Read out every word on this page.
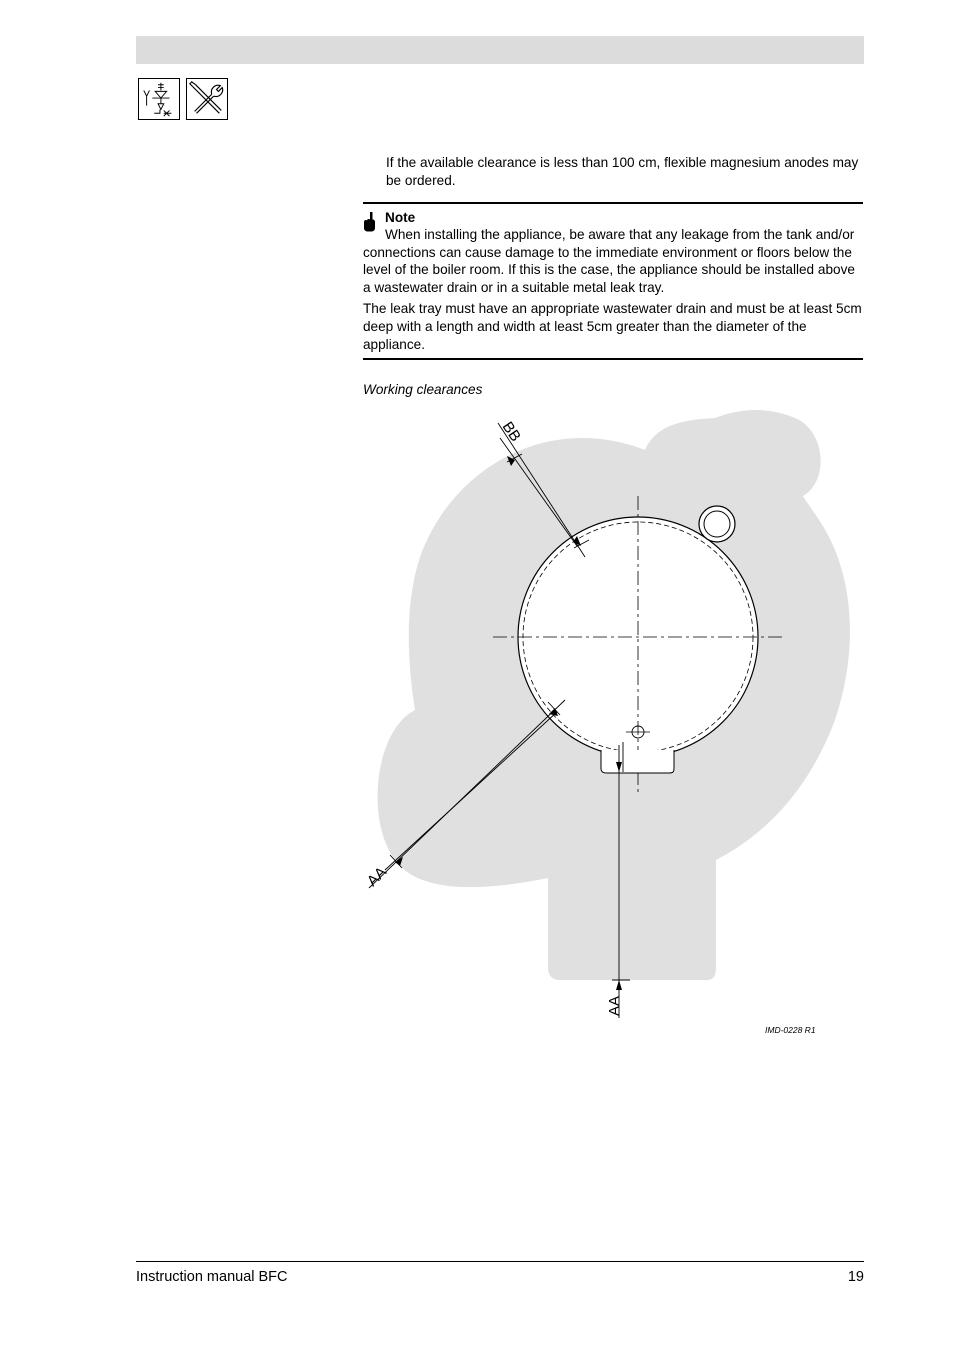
If the available clearance is less than 100 cm, flexible magnesium anodes may be ordered.
Note

When installing the appliance, be aware that any leakage from the tank and/or connections can cause damage to the immediate environment or floors below the level of the boiler room. If this is the case, the appliance should be installed above a wastewater drain or in a suitable metal leak tray.

The leak tray must have an appropriate wastewater drain and must be at least 5cm deep with a length and width at least 5cm greater than the diameter of the appliance.

Working clearances
BB
AA
AA
IMD-0228 R1
Instruction manual BFC	19
